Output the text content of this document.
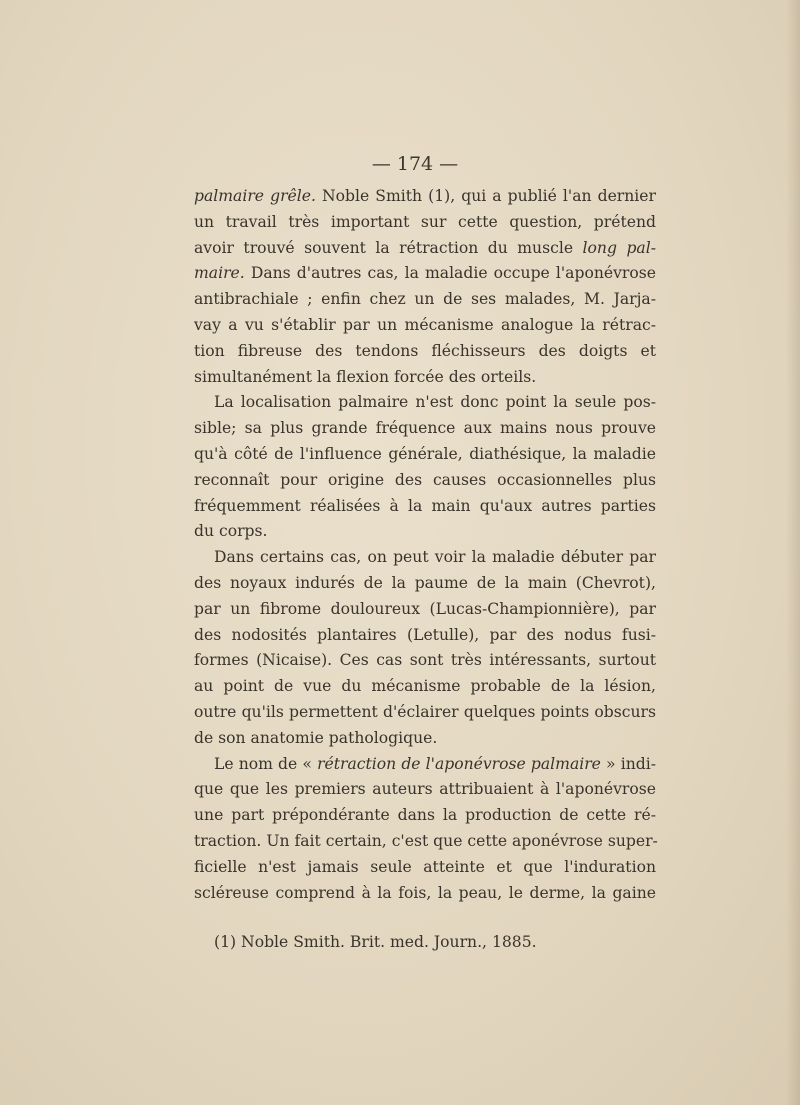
— 174 —
palmaire grêle. Noble Smith (1), qui a publié l'an dernier
un travail très important sur cette question, prétend
avoir trouvé souvent la rétraction du muscle long pal-
maire. Dans d'autres cas, la maladie occupe l'aponévrose
antibrachiale ; enfin chez un de ses malades, M. Jarja-
vay a vu s'établir par un mécanisme analogue la rétrac-
tion fibreuse des tendons fléchisseurs des doigts et
simultanément la flexion forcée des orteils.
La localisation palmaire n'est donc point la seule pos-
sible; sa plus grande fréquence aux mains nous prouve
qu'à côté de l'influence générale, diathésique, la maladie
reconnaît pour origine des causes occasionnelles plus
fréquemment réalisées à la main qu'aux autres parties
du corps.
Dans certains cas, on peut voir la maladie débuter par
des noyaux indurés de la paume de la main (Chevrot),
par un fibrome douloureux (Lucas-Championnière), par
des nodosités plantaires (Letulle), par des nodus fusi-
formes (Nicaise). Ces cas sont très intéressants, surtout
au point de vue du mécanisme probable de la lésion,
outre qu'ils permettent d'éclairer quelques points obscurs
de son anatomie pathologique.
Le nom de « rétraction de l'aponévrose palmaire » indi-
que que les premiers auteurs attribuaient à l'aponévrose
une part prépondérante dans la production de cette ré-
traction. Un fait certain, c'est que cette aponévrose super-
ficielle n'est jamais seule atteinte et que l'induration
scléreuse comprend à la fois, la peau, le derme, la gaine
(1) Noble Smith. Brit. med. Journ., 1885.
